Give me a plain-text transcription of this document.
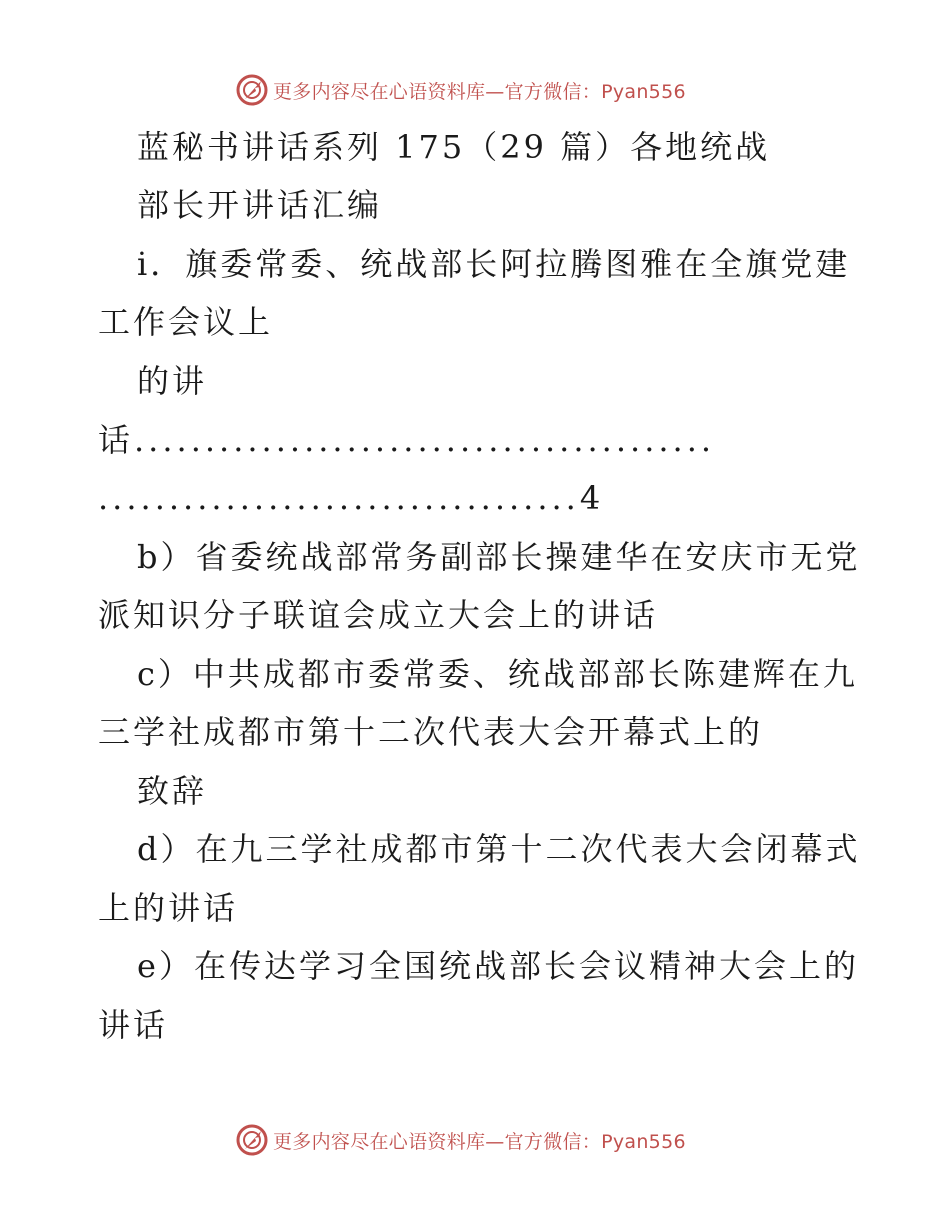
更多内容尽在心语资料库—官方微信：Pyan556
蓝秘书讲话系列 175（29 篇）各地统战
部长开讲话汇编
i．旗委常委、统战部长阿拉腾图雅在全旗党建
工作会议上
的讲
话.........................................
..................................4
b）省委统战部常务副部长操建华在安庆市无党
派知识分子联谊会成立大会上的讲话
c）中共成都市委常委、统战部部长陈建辉在九
三学社成都市第十二次代表大会开幕式上的
致辞
d）在九三学社成都市第十二次代表大会闭幕式
上的讲话
e）在传达学习全国统战部长会议精神大会上的
讲话
更多内容尽在心语资料库—官方微信：Pyan556
